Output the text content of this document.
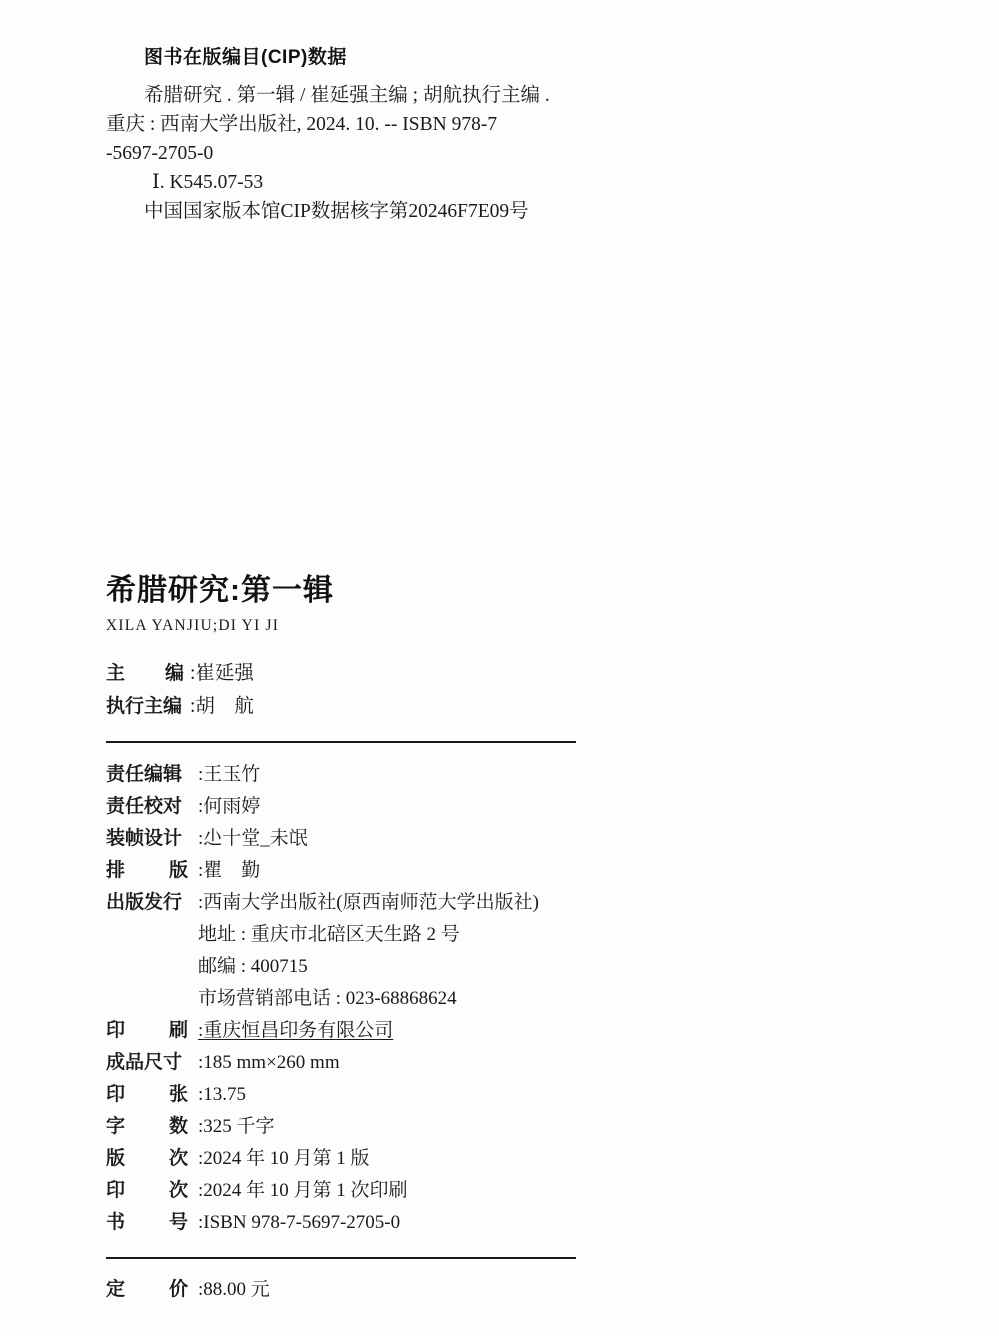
图书在版编目(CIP)数据
希腊研究 . 第一辑 / 崔延强主编 ; 胡航执行主编 .
重庆 : 西南大学出版社, 2024. 10. -- ISBN 978-7
-5697-2705-0
Ⅰ. K545.07-53
中国国家版本馆CIP数据核字第20246F7E09号
希腊研究:第一辑
XILA YANJIU;DI YI JI
主 编 :崔延强
执行主编 :胡　航
责任编辑 :王玉竹
责任校对 :何雨婷
装帧设计 :尐十堂_未氓
排 版 :瞿　勤
出版发行 :西南大学出版社(原西南师范大学出版社)
地址 : 重庆市北碚区天生路 2 号
邮编 : 400715
市场营销部电话 : 023-68868624
印 刷 :重庆恒昌印务有限公司
成品尺寸 :185 mm×260 mm
印 张 :13.75
字 数 :325 千字
版 次 :2024 年 10 月第 1 版
印 次 :2024 年 10 月第 1 次印刷
书 号 :ISBN 978-7-5697-2705-0
定 价 :88.00 元
